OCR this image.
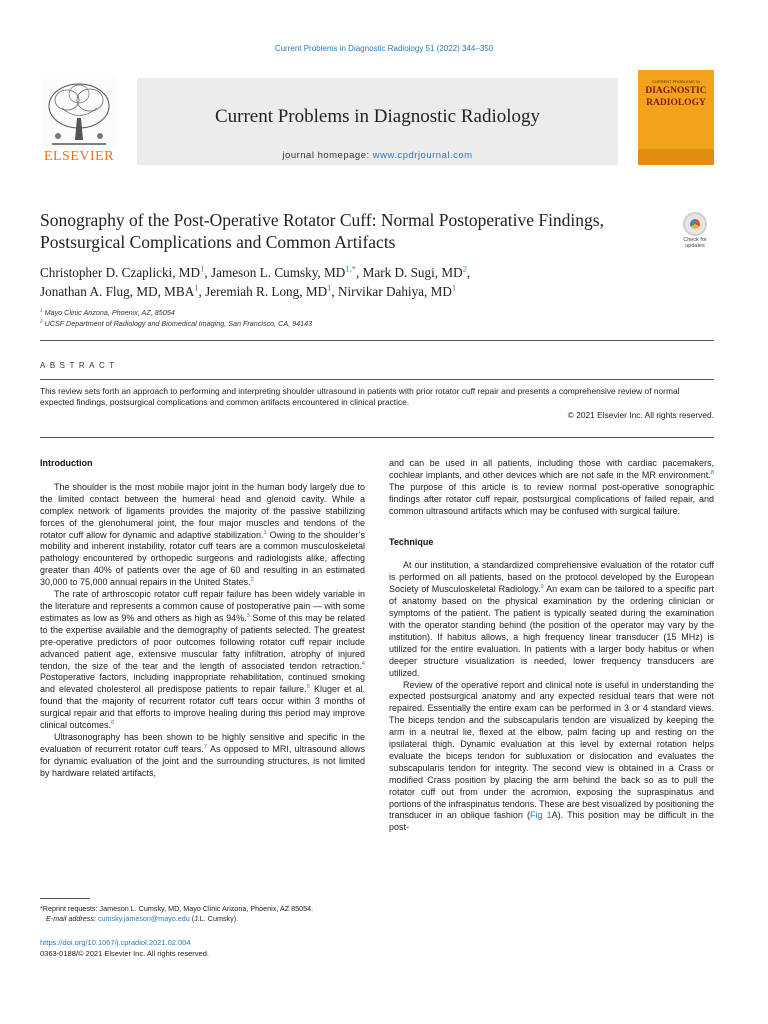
Current Problems in Diagnostic Radiology 51 (2022) 344–350
ELSEVIER
Current Problems in Diagnostic Radiology
journal homepage: www.cpdrjournal.com
CURRENT PROBLEMS IN
DIAGNOSTIC
RADIOLOGY
Sonography of the Post-Operative Rotator Cuff: Normal Postoperative Findings, Postsurgical Complications and Common Artifacts	Check for
updates
Christopher D. Czaplicki, $MD^1$, Jameson L. Cumsky, $MD^{1,*}$, Mark D. Sugi, $MD^2$,
Jonathan A. Flug, MD, MBA$^1$, Jeremiah R. Long, $MD^1$, Nirvikar Dahiya, $MD^1$
$^1$ Mayo Clinic Arizona, Phoenix, AZ, 85054
$^2$ UCSF Department of Radiology and Biomedical Imaging, San Francisco, CA, 94143
ABSTRACT
This review sets forth an approach to performing and interpreting shoulder ultrasound in patients with prior rotator cuff repair and presents a comprehensive review of normal expected findings, postsurgical complications and common artifacts encountered in clinical practice.
© 2021 Elsevier Inc. All rights reserved.
Introduction

The shoulder is the most mobile major joint in the human body largely due to the limited contact between the humeral head and glenoid cavity. While a complex network of ligaments provides the majority of the passive stabilizing forces of the glenohumeral joint, the four major muscles and tendons of the rotator cuff allow for dynamic and adaptive stabilization.$^1$ Owing to the shoulder’s mobility and inherent instability, rotator cuff tears are a common musculoskeletal pathology encountered by orthopedic surgeons and radiologists alike, affecting greater than 40% of patients over the age of 60 and resulting in an estimated 30,000 to 75,000 annual repairs in the United States.$^2$

The rate of arthroscopic rotator cuff repair failure has been widely variable in the literature and represents a common cause of postoperative pain — with some estimates as low as 9% and others as high as 94%.$^3$ Some of this may be related to the expertise available and the demography of patients selected. The greatest pre-operative predictors of poor outcomes following rotator cuff repair include advanced patient age, extensive muscular fatty infiltration, atrophy of injured tendon, the size of the tear and the length of associated tendon retraction.$^4$ Postoperative factors, including inappropriate rehabilitation, continued smoking and elevated cholesterol all predispose patients to repair failure.$^5$ Kluger et al. found that the majority of recurrent rotator cuff tears occur within 3 months of surgical repair and that efforts to improve healing during this period may improve clinical outcomes.$^6$

Ultrasonography has been shown to be highly sensitive and specific in the evaluation of recurrent rotator cuff tears.$^7$ As opposed to MRI, ultrasound allows for dynamic evaluation of the joint and the surrounding structures, is not limited by hardware related artifacts,

and can be used in all patients, including those with cardiac pacemakers, cochlear implants, and other devices which are not safe in the MR environment.$^8$ The purpose of this article is to review normal post-operative sonographic findings after rotator cuff repair, postsurgical complications of failed repair, and common ultrasound artifacts which may be confused with surgical failure.

Technique

At our institution, a standardized comprehensive evaluation of the rotator cuff is performed on all patients, based on the protocol developed by the European Society of Musculoskeletal Radiology.$^9$ An exam can be tailored to a specific part of anatomy based on the physical examination by the ordering clinician or symptoms of the patient. The patient is typically seated during the examination with the operator standing behind (the position of the operator may vary by the institution). If habitus allows, a high frequency linear transducer (15 MHz) is utilized for the entire evaluation. In patients with a larger body habitus or when deeper structure visualization is needed, lower frequency transducers are utilized.

Review of the operative report and clinical note is useful in understanding the expected postsurgical anatomy and any expected residual tears that were not repaired. Essentially the entire exam can be performed in 3 or 4 standard views. The biceps tendon and the subscapularis tendon are visualized by keeping the arm in a neutral lie, flexed at the elbow, palm facing up and resting on the ipsilateral thigh. Dynamic evaluation at this level by external rotation helps evaluate the biceps tendon for subluxation or dislocation and evaluates the subscapularis tendon for integrity. The second view is obtained in a Crass or modified Crass position by placing the arm behind the back so as to pull the rotator cuff out from under the acromion, exposing the supraspinatus and portions of the infraspinatus tendons. These are best visualized by positioning the transducer in an oblique fashion (Fig 1A). This position may be difficult in the post-

*Reprint requests: Jameson L. Cumsky, MD, Mayo Clinic Arizona, Phoenix, AZ 85054.
E-mail address: cumsky.jameson@mayo.edu (J.L. Cumsky).
https://doi.org/10.1067/j.cpradiol.2021.02.004
0363-0188/© 2021 Elsevier Inc. All rights reserved.
